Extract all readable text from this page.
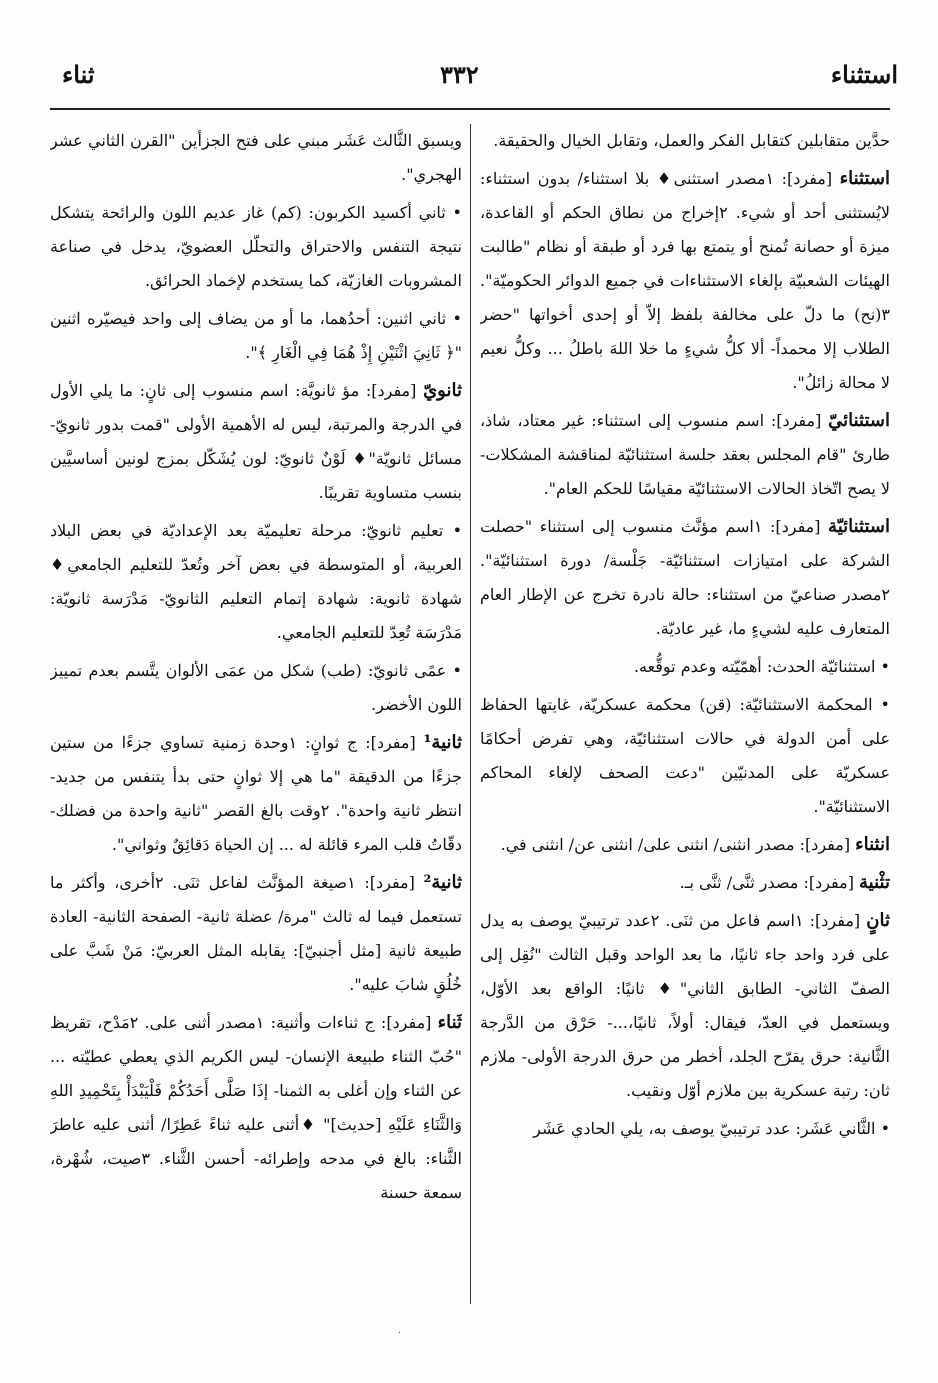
استثناء
٣٣٢
ثناء

حدَّين متقابلين كتقابل الفكر والعمل، وتقابل الخيال والحقيقة.

استثناء [مفرد]: ١مصدر استثنى♦ بلا استثناء/ بدون استثناء: لايُستثنى أحد أو شيء. ٢إخراج من نطاق الحكم أو القاعدة، ميزة أو حصانة تُمنح أو يتمتع بها فرد أو طبقة أو نظام "طالبت الهيئات الشعبيّة بإلغاء الاستثناءات في جميع الدوائر الحكوميّة". ٣(نح) ما دلّ على مخالفة بلفظ إلاّ أو إحدى أخواتها "حضر الطلاب إلا محمداً- ألا كلُّ شيءٍ ما خلا اللهَ باطلُ ... وكلُّ نعيم لا محالة زائلُ".

استثنائيّ [مفرد]: اسم منسوب إلى استثناء: غير معتاد، شاذ، طارئ "قام المجلس بعقد جلسة استثنائيّة لمناقشة المشكلات- لا يصح اتّخاذ الحالات الاستثنائيّة مقياسًا للحكم العام".

استثنائيّة [مفرد]: ١اسم مؤنَّث منسوب إلى استثناء "حصلت الشركة على امتيازات استثنائيّة- جَلْسة/ دورة استثنائيّة". ٢مصدر صناعيّ من استثناء: حالة نادرة تخرج عن الإطار العام المتعارف عليه لشيءٍ ما، غير عاديّة.

• استثنائيّة الحدث: أهمّيّته وعدم توقُّعه.

• المحكمة الاستثنائيّة: (قن) محكمة عسكريّة، غايتها الحفاظ على أمن الدولة في حالات استثنائيّة، وهي تفرض أحكامًا عسكريّة على المدنيّين "دعت الصحف لإلغاء المحاكم الاستثنائيّة".

انثناء [مفرد]: مصدر انثنى/ انثنى على/ انثنى عن/ انثنى في.

تثْنية [مفرد]: مصدر ثنَّى/ ثنَّى بـ.

ثانٍ [مفرد]: ١اسم فاعل من ثنَى. ٢عدد ترتيبيّ يوصف به يدل على فرد واحد جاء ثانيًا، ما بعد الواحد وقبل الثالث "نُقِل إلى الصفّ الثاني- الطابق الثاني"♦ ثانيًا: الواقع بعد الأوّل، ويستعمل في العدّ، فيقال: أولاً، ثانيًا،...- حَرْق من الدَّرجة الثَّانية: حرق يقرّح الجلد، أخطر من حرق الدرجة الأولى- ملازم ثان: رتبة عسكرية بين ملازم أوّل ونقيب.

• الثَّاني عَشَر: عدد ترتيبيّ يوصف به، يلي الحادي عَشَر

ويسبق الثَّالث عَشَر مبني على فتح الجزأين "القرن الثاني عشر الهجري".

• ثاني أكسيد الكربون: (كم) غاز عديم اللون والرائحة يتشكل نتيجة التنفس والاحتراق والتحلّل العضويّ، يدخل في صناعة المشروبات الغازيّة، كما يستخدم لإخماد الحرائق.

• ثاني اثنين: أحدُهما، ما أو من يضاف إلى واحد فيصيّره اثنين "﴿ ثَانِيَ اثْنَيْنِ إِذْ هُمَا فِي الْغَارِ ﴾".

ثانويّ [مفرد]: مؤ ثانويَّة: اسم منسوب إلى ثانٍ: ما يلي الأول في الدرجة والمرتبة، ليس له الأهمية الأولى "قمت بدور ثانويّ- مسائل ثانويّة"♦ لَوْنٌ ثانويّ: لون يُشَكّل بمزج لونين أساسيَّين بنسب متساوية تقريبًا.

• تعليم ثانويّ: مرحلة تعليميّة بعد الإعداديّة في بعض البلاد العربية، أو المتوسطة في بعض آخر وتُعدّ للتعليم الجامعي♦ شهادة ثانوية: شهادة إتمام التعليم الثانويّ- مَدْرَسة ثانويّة: مَدْرَسَة تُعِدّ للتعليم الجامعي.

• عمًى ثانويّ: (طب) شكل من عمَى الألوان يتَّسم بعدم تمييز اللون الأخضر.

ثانية¹ [مفرد]: ج ثوانٍ: ١وحدة زمنية تساوي جزءًا من ستين جزءًا من الدقيقة "ما هي إلا ثوانٍ حتى بدأ يتنفس من جديد- انتظر ثانية واحدة". ٢وقت بالغ القصر "ثانية واحدة من فضلك- دقّاتُ قلب المرء قائلة له ... إن الحياة دَقائِقٌ وثواني".

ثانية² [مفرد]: ١صيغة المؤنَّث لفاعل ثنَى. ٢أخرى، وأكثر ما تستعمل فيما له ثالث "مرة/ عضلة ثانية- الصفحة الثانية- العادة طبيعة ثانية [مثل أجنبيّ]: يقابله المثل العربيّ: مَنْ شَبَّ على خُلُقٍ شابَ عليه".

ثَناء [مفرد]: ج ثناءات وأثنية: ١مصدر أثنى على. ٢مَدْح، تقريظ "حُبّ الثناء طبيعة الإنسان- ليس الكريم الذي يعطي عطيّته ... عن الثناء وإن أغلى به الثمنا- إذَا صَلَّى أَحَدُكُمْ فَلْيَبْدَأْ بِتَحْمِيدِ اللهِ وَالثَّنَاءِ عَلَيْهِ [حديث]" ♦أثنى عليه ثناءً عَطِرًا/ أثنى عليه عاطرَ الثَّناء: بالغ في مدحه وإطرائه- أحسن الثَّناء. ٣صيت، شُهْرة، سمعة حسنة

·
